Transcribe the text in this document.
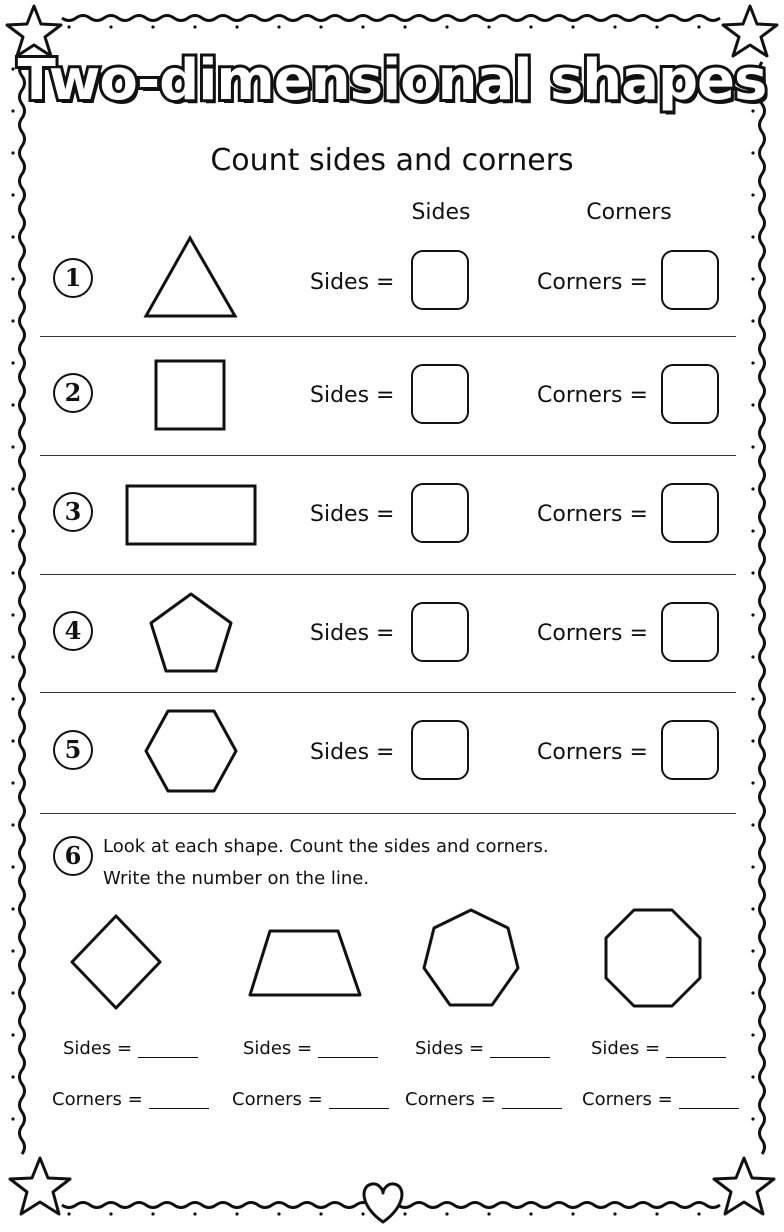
Two-dimensional shapes
Count sides and corners
Sides	Corners
1	Sides =	Corners =
2	Sides =	Corners =
3	Sides =	Corners =
4	Sides =	Corners =
5	Sides =	Corners =
6	Look at each shape. Count the sides and corners.
Write the number on the line.
Sides =	Sides =	Sides =	Sides =
Corners =	Corners =	Corners =	Corners =
